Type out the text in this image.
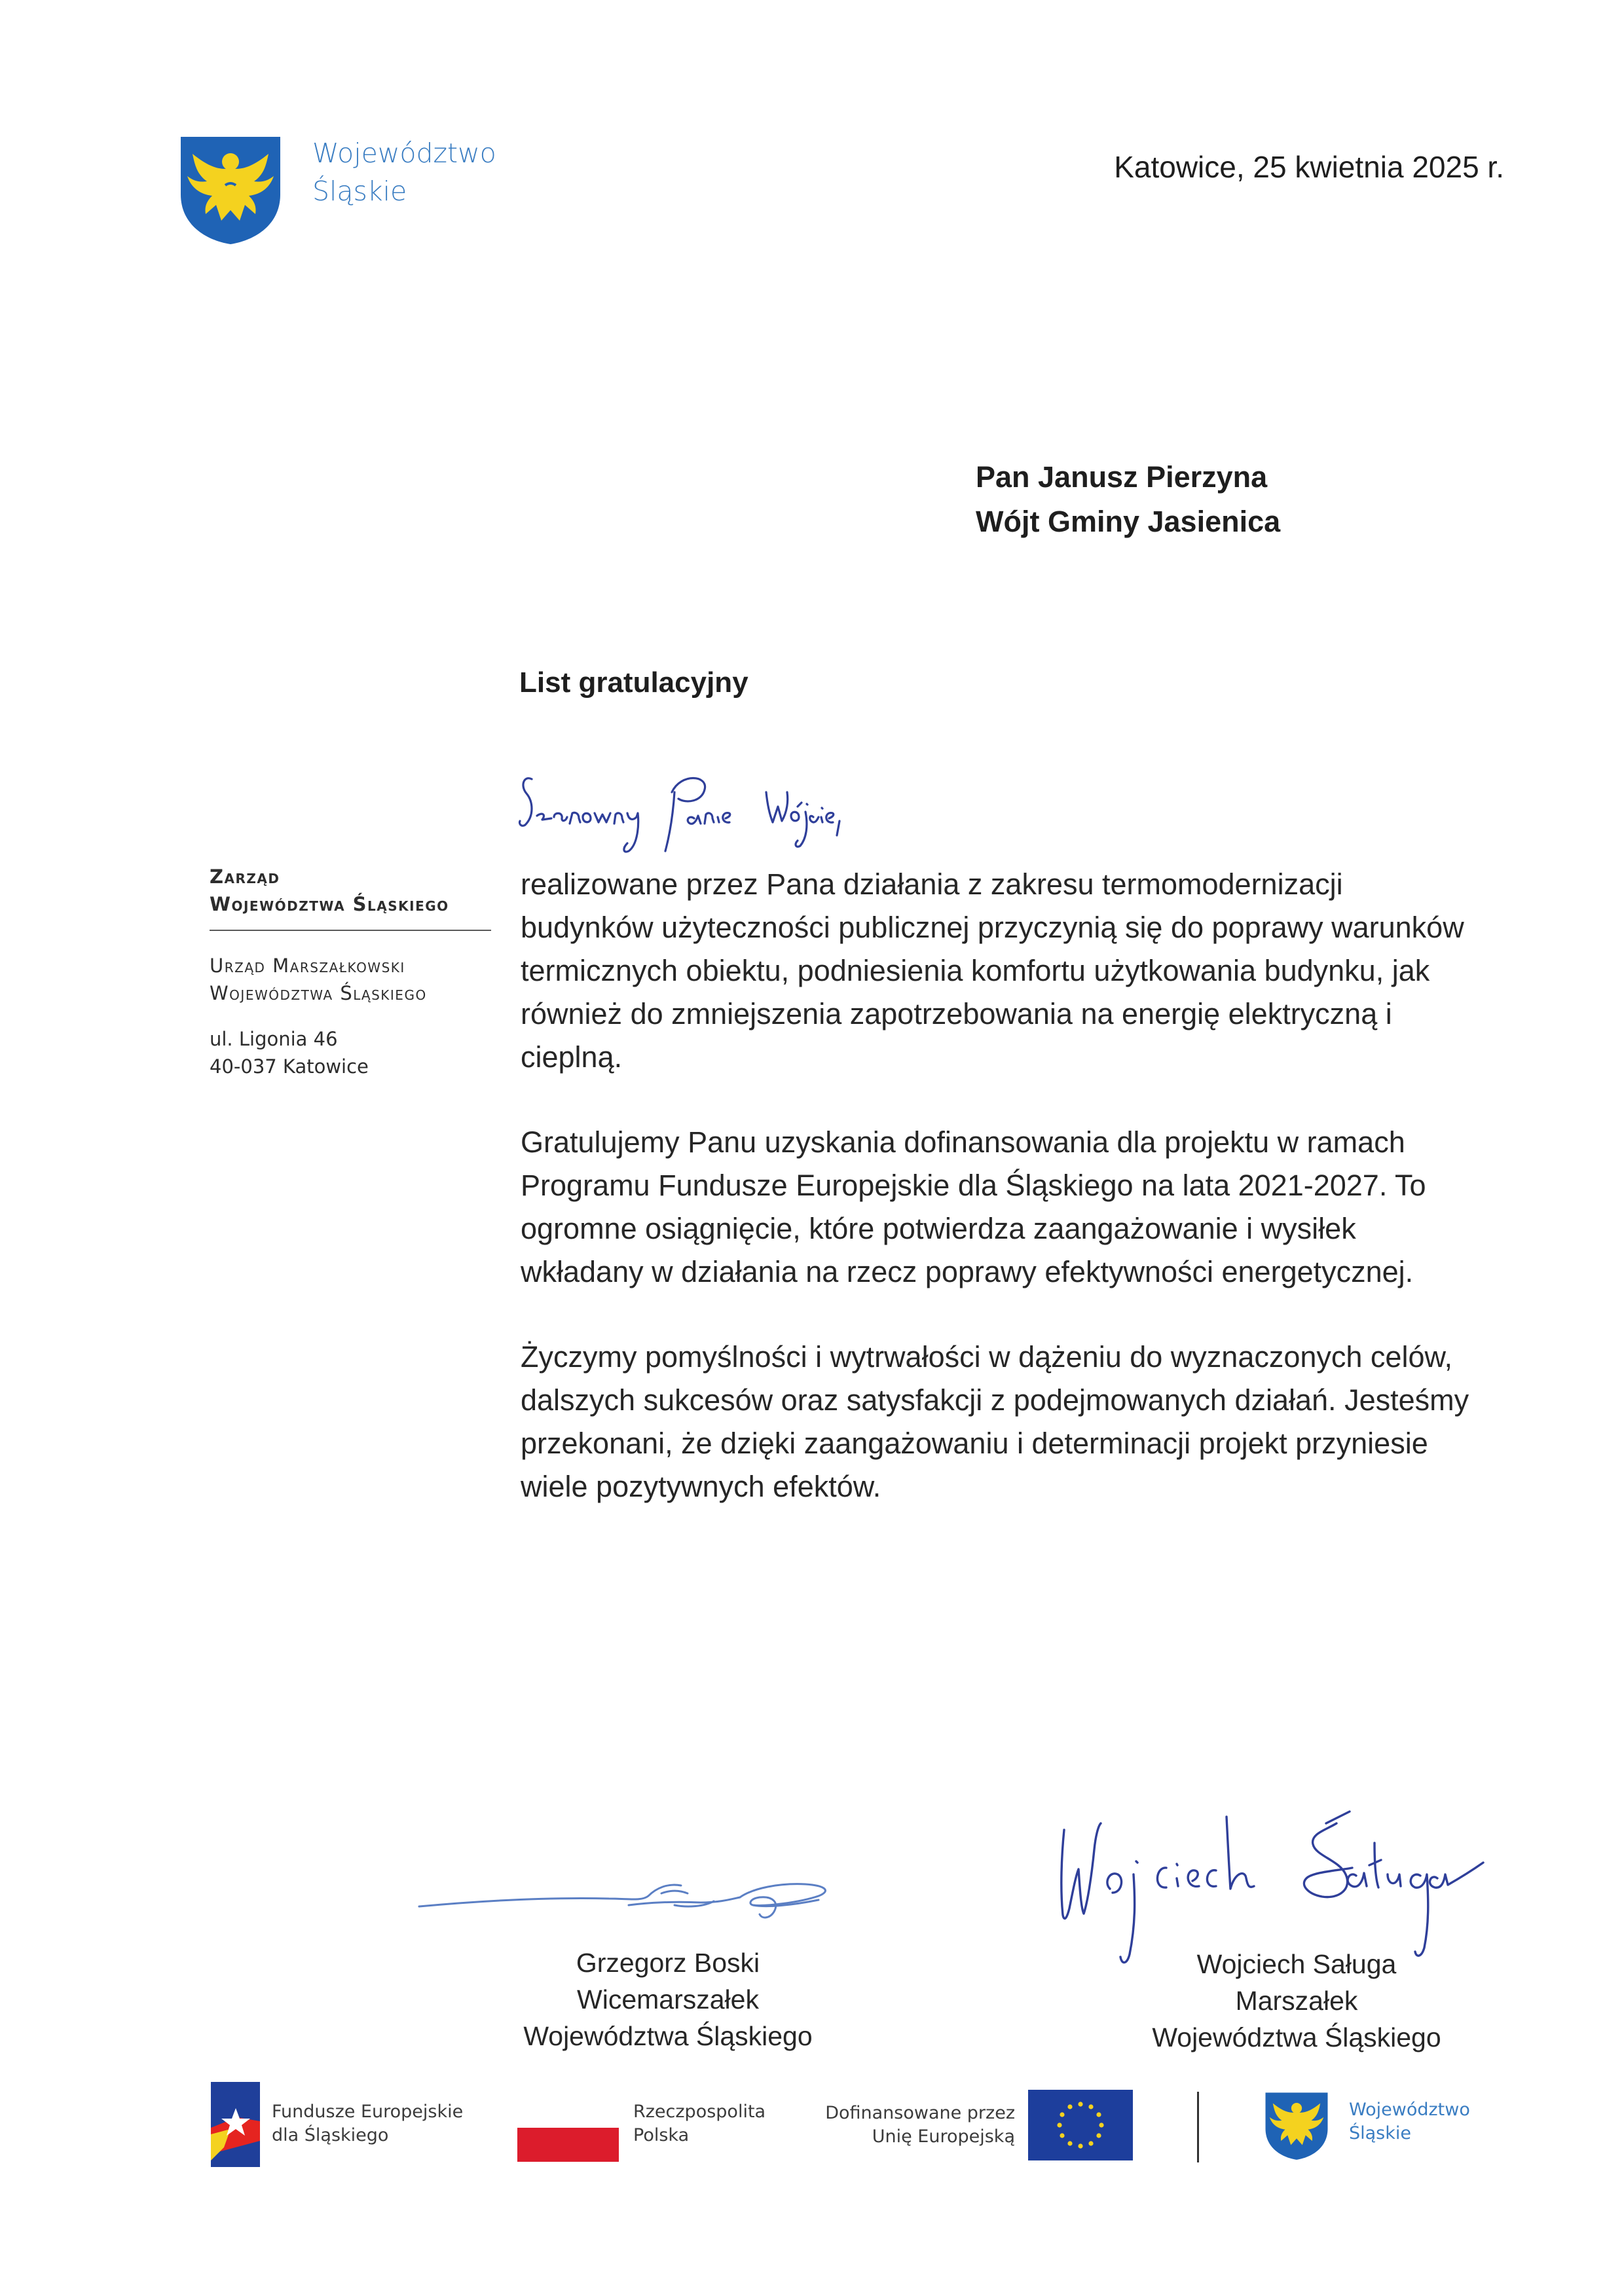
Województwo
Śląskie
Katowice, 25 kwietnia 2025 r.
Pan Janusz Pierzyna
Wójt Gminy Jasienica
Zarząd
Województwa Śląskiego
Urząd Marszałkowski
Województwa Śląskiego
ul. Ligonia 46
40-037 Katowice
List gratulacyjny

realizowane przez Pana działania z zakresu termomodernizacji budynków użyteczności publicznej przyczynią się do poprawy warunków termicznych obiektu, podniesienia komfortu użytkowania budynku, jak również do zmniejszenia zapotrzebowania na energię elektryczną i cieplną.

Gratulujemy Panu uzyskania dofinansowania dla projektu w ramach Programu Fundusze Europejskie dla Śląskiego na lata 2021-2027. To ogromne osiągnięcie, które potwierdza zaangażowanie i wysiłek wkładany w działania na rzecz poprawy efektywności energetycznej.

Życzymy pomyślności i wytrwałości w dążeniu do wyznaczonych celów, dalszych sukcesów oraz satysfakcji z podejmowanych działań. Jesteśmy przekonani, że dzięki zaangażowaniu i determinacji projekt przyniesie wiele pozytywnych efektów.

Grzegorz Boski
Wicemarszałek
Województwa Śląskiego
Wojciech Saługa
Marszałek
Województwa Śląskiego
Fundusze Europejskie
dla Śląskiego
Rzeczpospolita
Polska
Dofinansowane przez
Unię Europejską
Województwo
Śląskie
